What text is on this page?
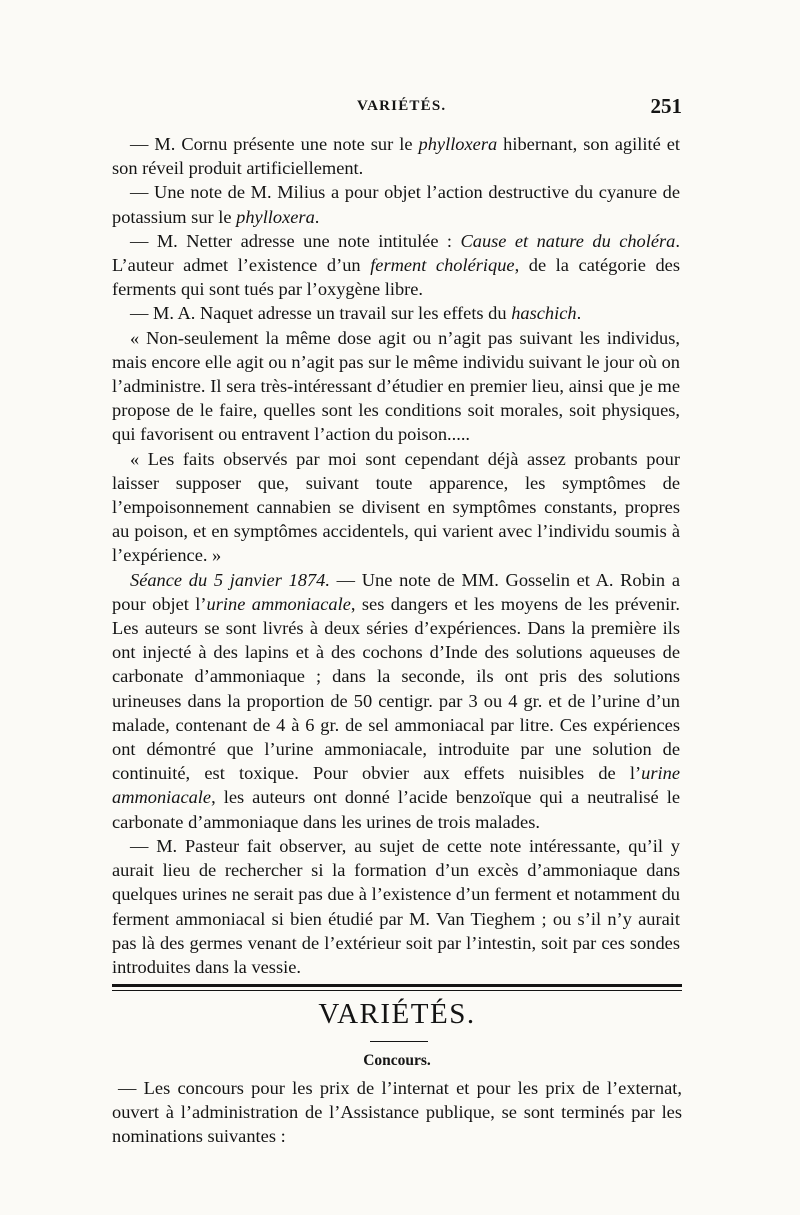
VARIÉTÉS.	251

— M. Cornu présente une note sur le phylloxera hibernant, son agilité et son réveil produit artificiellement.

— Une note de M. Milius a pour objet l’action destructive du cyanure de potassium sur le phylloxera.

— M. Netter adresse une note intitulée : Cause et nature du choléra. L’auteur admet l’existence d’un ferment cholérique, de la catégorie des ferments qui sont tués par l’oxygène libre.

— M. A. Naquet adresse un travail sur les effets du haschich.

« Non-seulement la même dose agit ou n’agit pas suivant les individus, mais encore elle agit ou n’agit pas sur le même individu suivant le jour où on l’administre. Il sera très-intéressant d’étudier en premier lieu, ainsi que je me propose de le faire, quelles sont les conditions soit morales, soit physiques, qui favorisent ou entravent l’action du poison.....

« Les faits observés par moi sont cependant déjà assez probants pour laisser supposer que, suivant toute apparence, les symptômes de l’empoisonnement cannabien se divisent en symptômes constants, propres au poison, et en symptômes accidentels, qui varient avec l’individu soumis à l’expérience. »

Séance du 5 janvier 1874. — Une note de MM. Gosselin et A. Robin a pour objet l’urine ammoniacale, ses dangers et les moyens de les prévenir. Les auteurs se sont livrés à deux séries d’expériences. Dans la première ils ont injecté à des lapins et à des cochons d’Inde des solutions aqueuses de carbonate d’ammoniaque ; dans la seconde, ils ont pris des solutions urineuses dans la proportion de 50 centigr. par 3 ou 4 gr. et de l’urine d’un malade, contenant de 4 à 6 gr. de sel ammoniacal par litre. Ces expériences ont démontré que l’urine ammoniacale, introduite par une solution de continuité, est toxique. Pour obvier aux effets nuisibles de l’urine ammoniacale, les auteurs ont donné l’acide benzoïque qui a neutralisé le carbonate d’ammoniaque dans les urines de trois malades.

— M. Pasteur fait observer, au sujet de cette note intéressante, qu’il y aurait lieu de rechercher si la formation d’un excès d’ammoniaque dans quelques urines ne serait pas due à l’existence d’un ferment et notamment du ferment ammoniacal si bien étudié par M. Van Tieghem ; ou s’il n’y aurait pas là des germes venant de l’extérieur soit par l’intestin, soit par ces sondes introduites dans la vessie.

VARIÉTÉS.
Concours.

— Les concours pour les prix de l’internat et pour les prix de l’externat, ouvert à l’administration de l’Assistance publique, se sont terminés par les nominations suivantes :
